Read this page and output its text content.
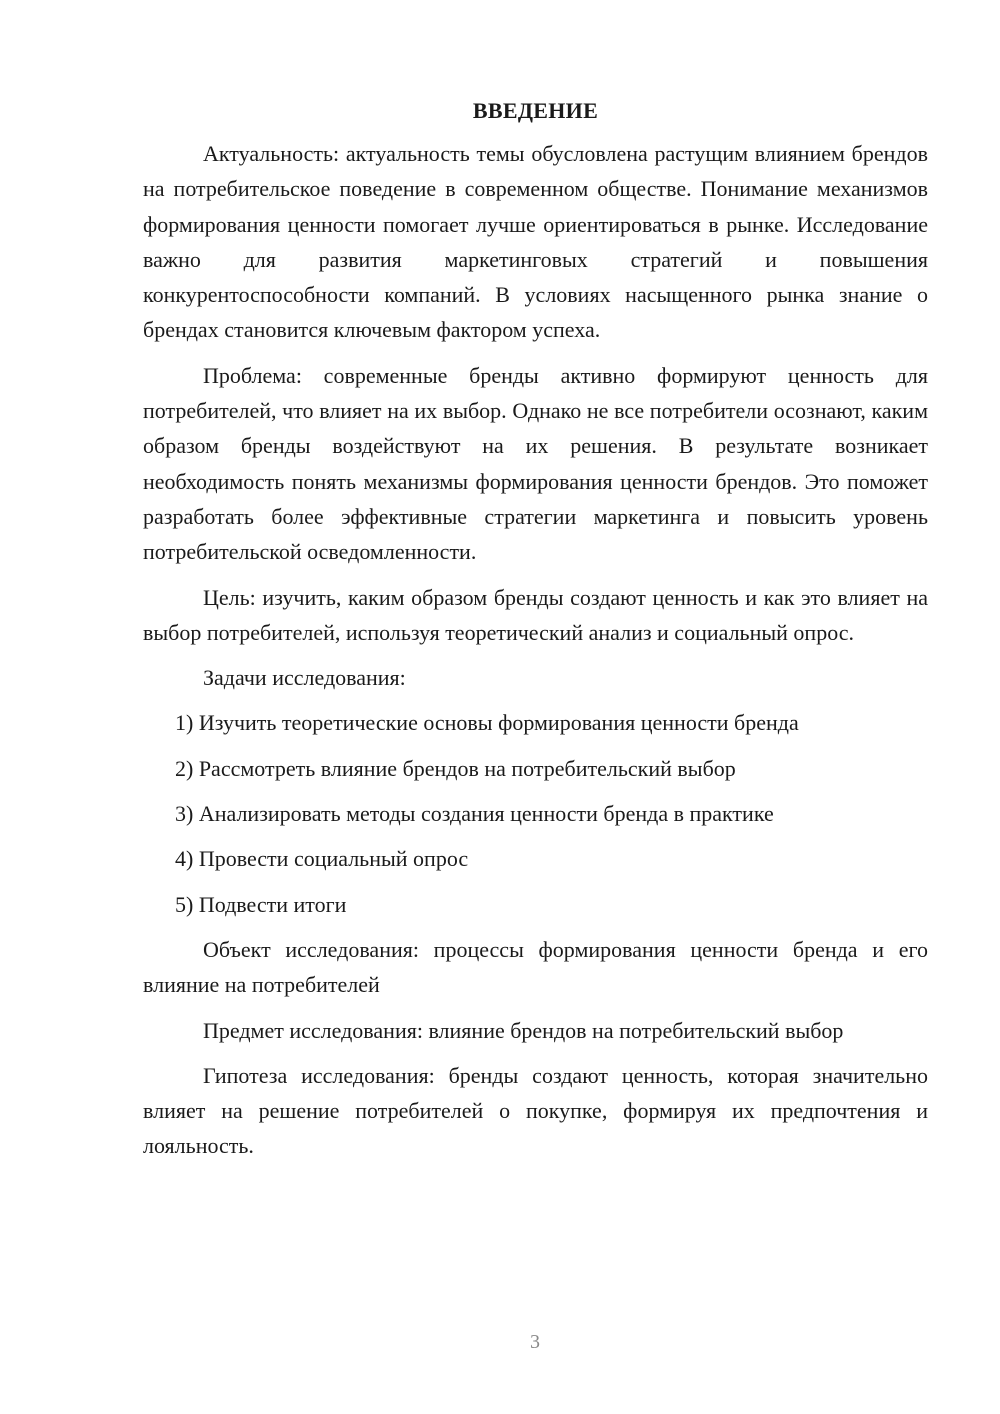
ВВЕДЕНИЕ

Актуальность: актуальность темы обусловлена растущим влиянием брендов на потребительское поведение в современном обществе. Понимание механизмов формирования ценности помогает лучше ориентироваться в рынке. Исследование важно для развития маркетинговых стратегий и повышения конкурентоспособности компаний. В условиях насыщенного рынка знание о брендах становится ключевым фактором успеха.

Проблема: современные бренды активно формируют ценность для потребителей, что влияет на их выбор. Однако не все потребители осознают, каким образом бренды воздействуют на их решения. В результате возникает необходимость понять механизмы формирования ценности брендов. Это поможет разработать более эффективные стратегии маркетинга и повысить уровень потребительской осведомленности.

Цель: изучить, каким образом бренды создают ценность и как это влияет на выбор потребителей, используя теоретический анализ и социальный опрос.

Задачи исследования:

1) Изучить теоретические основы формирования ценности бренда
2) Рассмотреть влияние брендов на потребительский выбор
3) Анализировать методы создания ценности бренда в практике
4) Провести социальный опрос
5) Подвести итоги

Объект исследования: процессы формирования ценности бренда и его влияние на потребителей

Предмет исследования: влияние брендов на потребительский выбор

Гипотеза исследования: бренды создают ценность, которая значительно влияет на решение потребителей о покупке, формируя их предпочтения и лояльность.

3
